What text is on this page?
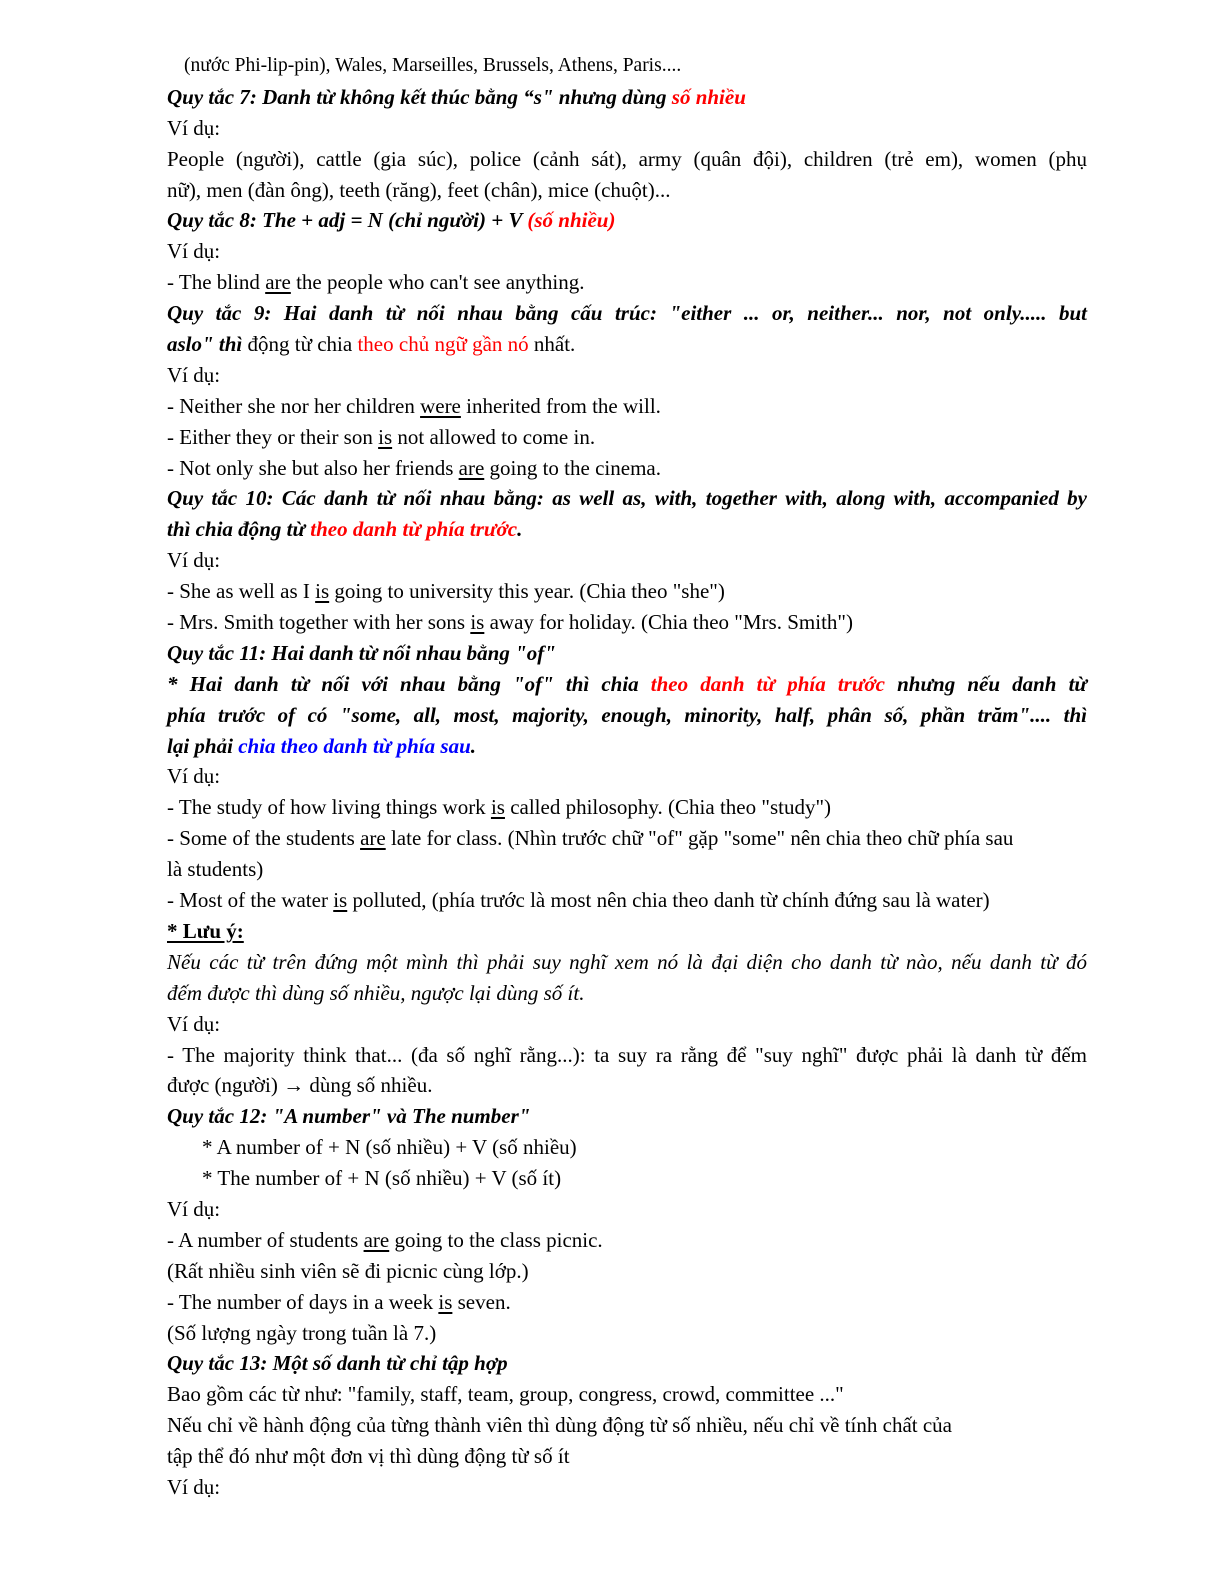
(nước Phi-lip-pin), Wales, Marseilles, Brussels, Athens, Paris....
Quy tắc 7: Danh từ không kết thúc bằng “s" nhưng dùng số nhiều
Ví dụ:
People (người), cattle (gia súc), police (cảnh sát), army (quân đội), children (trẻ em), women (phụ
nữ), men (đàn ông), teeth (răng), feet (chân), mice (chuột)...
Quy tắc 8: The + adj = N (chỉ người) + V (số nhiều)
Ví dụ:
- The blind are the people who can't see anything.
Quy tắc 9: Hai danh từ nối nhau bằng cấu trúc: "either ... or, neither... nor, not only..... but
aslo" thì động từ chia theo chủ ngữ gần nó nhất.
Ví dụ:
- Neither she nor her children were inherited from the will.
- Either they or their son is not allowed to come in.
- Not only she but also her friends are going to the cinema.
Quy tắc 10: Các danh từ nối nhau bằng: as well as, with, together with, along with, accompanied by
thì chia động từ theo danh từ phía trước.
Ví dụ:
- She as well as I is going to university this year. (Chia theo "she")
- Mrs. Smith together with her sons is away for holiday. (Chia theo "Mrs. Smith")
Quy tắc 11: Hai danh từ nối nhau bằng "of"
* Hai danh từ nối với nhau bằng "of" thì chia theo danh từ phía trước nhưng nếu danh từ
phía trước of có "some, all, most, majority, enough, minority, half, phân số, phần trăm".... thì
lại phải chia theo danh từ phía sau.
Ví dụ:
- The study of how living things work is called philosophy. (Chia theo "study")
- Some of the students are late for class. (Nhìn trước chữ "of" gặp "some" nên chia theo chữ phía sau
là students)
- Most of the water is polluted, (phía trước là most nên chia theo danh từ chính đứng sau là water)
* Lưu ý:
Nếu các từ trên đứng một mình thì phải suy nghĩ xem nó là đại diện cho danh từ nào, nếu danh từ đó
đếm được thì dùng số nhiều, ngược lại dùng số ít.
Ví dụ:
- The majority think that... (đa số nghĩ rằng...): ta suy ra rằng để "suy nghĩ" được phải là danh từ đếm
được (người) → dùng số nhiều.
Quy tắc 12: "A number" và The number"
* A number of + N (số nhiều) + V (số nhiều)
* The number of + N (số nhiều) + V (số ít)
Ví dụ:
- A number of students are going to the class picnic.
(Rất nhiều sinh viên sẽ đi picnic cùng lớp.)
- The number of days in a week is seven.
(Số lượng ngày trong tuần là 7.)
Quy tắc 13: Một số danh từ chỉ tập hợp
Bao gồm các từ như: "family, staff, team, group, congress, crowd, committee ..."
Nếu chỉ về hành động của từng thành viên thì dùng động từ số nhiều, nếu chỉ về tính chất của
tập thể đó như một đơn vị thì dùng động từ số ít
Ví dụ:
